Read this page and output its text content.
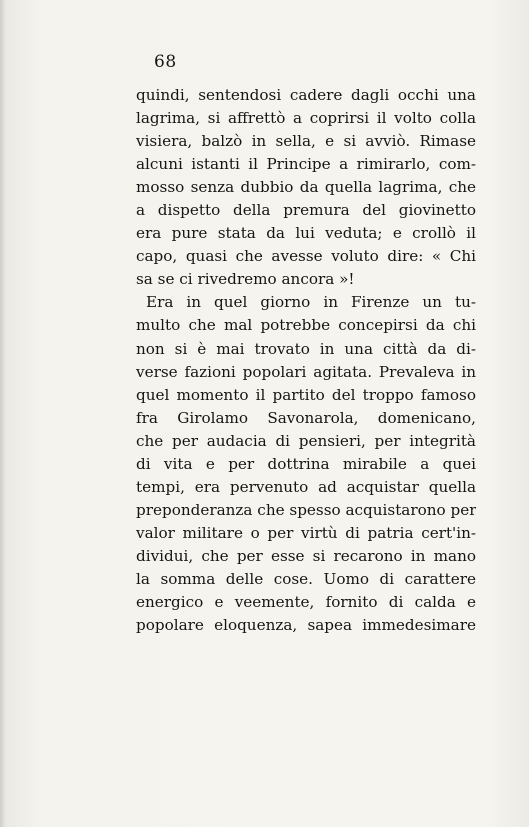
68
quindi, sentendosi cadere dagli occhi una
lagrima, si affrettò a coprirsi il volto colla
visiera, balzò in sella, e si avviò. Rimase
alcuni istanti il Principe a rimirarlo, com-
mosso senza dubbio da quella lagrima, che
a dispetto della premura del giovinetto
era pure stata da lui veduta; e crollò il
capo, quasi che avesse voluto dire: « Chi
sa se ci rivedremo ancora »!
Era in quel giorno in Firenze un tu-
multo che mal potrebbe concepirsi da chi
non si è mai trovato in una città da di-
verse fazioni popolari agitata. Prevaleva in
quel momento il partito del troppo famoso
fra Girolamo Savonarola, domenicano,
che per audacia di pensieri, per integrità
di vita e per dottrina mirabile a quei
tempi, era pervenuto ad acquistar quella
preponderanza che spesso acquistarono per
valor militare o per virtù di patria cert'in-
dividui, che per esse si recarono in mano
la somma delle cose. Uomo di carattere
energico e veemente, fornito di calda e
popolare eloquenza, sapea immedesimare
